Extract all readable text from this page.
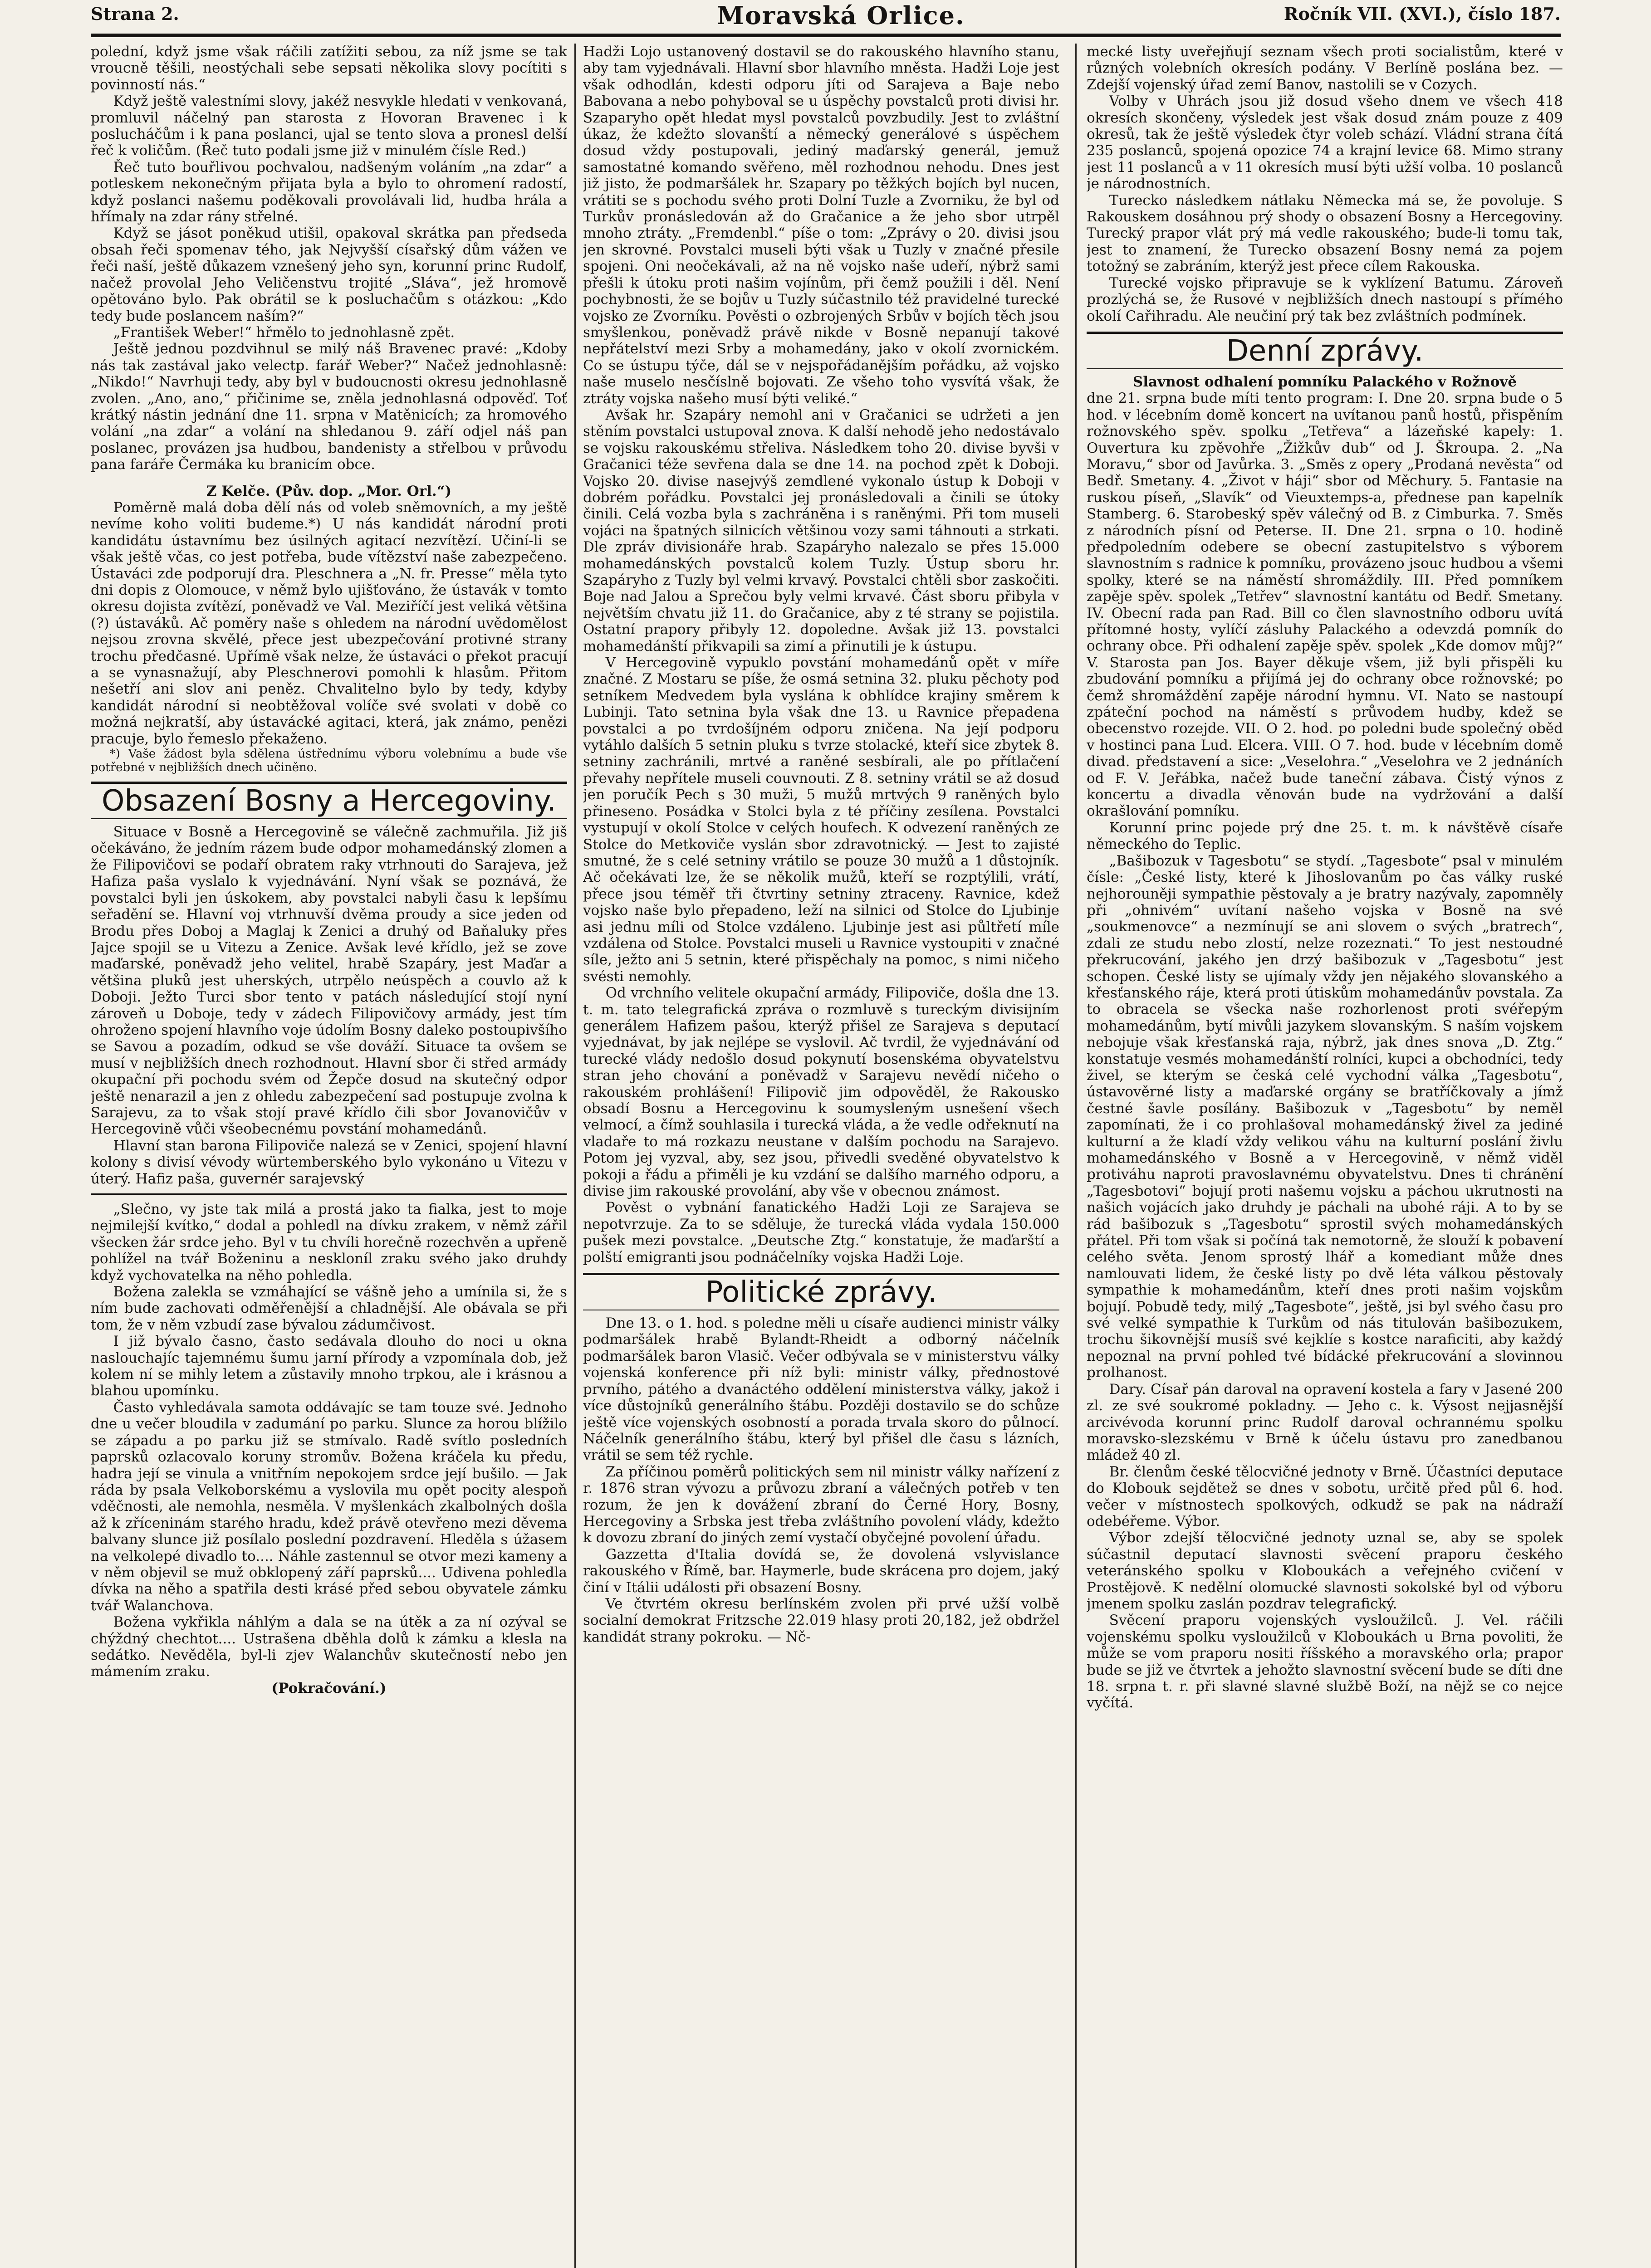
Strana 2.	Moravská Orlice.	Ročník VII. (XVI.), číslo 187.

polední, když jsme však ráčili zatížiti sebou, za níž jsme se tak vroucně těšili, neostýchali sebe sepsati několika slovy pocítiti s povinností nás.“

Když ještě valestními slovy, jakéž nesvykle hledati v venkovaná, promluvil náčelný pan starosta z Hovoran Bravenec i k poslucháčům i k pana poslanci, ujal se tento slova a pronesl delší řeč k voličům. (Řeč tuto podali jsme již v minulém čísle Red.)

Řeč tuto bouřlivou pochvalou, nadšeným voláním „na zdar“ a potleskem nekonečným přijata byla a bylo to ohromení radostí, když poslanci našemu poděkovali provolávali lid, hudba hrála a hřímaly na zdar rány střelné.

Když se jásot poněkud utišil, opakoval skrátka pan předseda obsah řeči spomenav tého, jak Nejvyšší císařský dům vážen ve řeči naší, ještě důkazem vznešený jeho syn, korunní princ Rudolf, načež provolal Jeho Veličenstvu trojité „Sláva“, jež hromově opětováno bylo. Pak obrátil se k posluchačům s otázkou: „Kdo tedy bude poslancem naším?“

„František Weber!“ hřmělo to jednohlasně zpět.

Ještě jednou pozdvihnul se milý náš Bravenec pravé: „Kdoby nás tak zastával jako velectp. farář Weber?“ Načež jednohlasně: „Nikdo!“ Navrhuji tedy, aby byl v budoucnosti okresu jednohlasně zvolen. „Ano, ano,“ přičinime se, zněla jednohlasná odpověď. Toť krátký nástin jednání dne 11. srpna v Matěnicích; za hromového volání „na zdar“ a volání na shledanou 9. září odjel náš pan poslanec, provázen jsa hudbou, bandenisty a střelbou v průvodu pana faráře Čermáka ku branicím obce.

Z Kelče. (Pův. dop. „Mor. Orl.“)

Poměrně malá doba dělí nás od voleb sněmovních, a my ještě nevíme koho voliti budeme.*) U nás kandidát národní proti kandidátu ústavnímu bez úsilných agitací nezvítězí. Učiní-li se však ještě včas, co jest potřeba, bude vítězství naše zabezpečeno. Ústaváci zde podporují dra. Pleschnera a „N. fr. Presse“ měla tyto dni dopis z Olomouce, v němž bylo ujišťováno, že ústavák v tomto okresu dojista zvítězí, poněvadž ve Val. Meziříčí jest veliká většina (?) ústaváků. Ač poměry naše s ohledem na národní uvědomělost nejsou zrovna skvělé, přece jest ubezpečování protivné strany trochu předčasné. Upřímě však nelze, že ústaváci o překot pracují a se vynasnažují, aby Pleschnerovi pomohli k hlasům. Přitom nešetří ani slov ani peněz. Chvalitelno bylo by tedy, kdyby kandidát národní si neobtěžoval volíče své svolati v době co možná nejkratší, aby ústavácké agitaci, která, jak známo, penězi pracuje, bylo řemeslo překaženo.

*) Vaše žádost byla sdělena ústřednímu výboru volebnímu a bude vše potřebné v nejbližších dnech učiněno.

Obsazení Bosny a Hercegoviny.

Situace v Bosně a Hercegovině se válečně zachmuřila. Již jiš očekáváno, že jedním rázem bude odpor mohamedánský zlomen a že Filipovičovi se podaří obratem raky vtrhnouti do Sarajeva, jež Hafiza paša vyslalo k vyjednávání. Nyní však se poznává, že povstalci byli jen úskokem, aby povstalci nabyli času k lepšímu seřadění se. Hlavní voj vtrhnuvší dvěma proudy a sice jeden od Brodu přes Doboj a Maglaj k Zenici a druhý od Baňaluky přes Jajce spojil se u Vitezu a Zenice. Avšak levé křídlo, jež se zove maďarské, poněvadž jeho velitel, hrabě Szapáry, jest Maďar a většina pluků jest uherských, utrpělo neúspěch a couvlo až k Doboji. Ježto Turci sbor tento v patách následující stojí nyní zároveň u Doboje, tedy v zádech Filipovičovy armády, jest tím ohroženo spojení hlavního voje údolím Bosny daleko postoupivšího se Savou a pozadím, odkud se vše dováží. Situace ta ovšem se musí v nejbližších dnech rozhodnout. Hlavní sbor či střed armády okupační při pochodu svém od Žepče dosud na skutečný odpor ještě nenarazil a jen z ohledu zabezpečení sad postupuje zvolna k Sarajevu, za to však stojí pravé křídlo čili sbor Jovanovičův v Hercegovině vůči všeobecnému povstání mohamedánů.

Hlavní stan barona Filipoviče nalezá se v Zenici, spojení hlavní kolony s divisí vévody würtemberského bylo vykonáno u Vitezu v úterý. Hafiz paša, guvernér sarajevský

„Slečno, vy jste tak milá a prostá jako ta fialka, jest to moje nejmilejší kvítko,“ dodal a pohledl na dívku zrakem, v němž zářil všecken žár srdce jeho. Byl v tu chvíli horečně rozechvěn a upřeně pohlížel na tvář Boženinu a neskloníl zraku svého jako druhdy když vychovatelka na něho pohledla.

Božena zalekla se vzmáhající se vášně jeho a umínila si, že s ním bude zachovati odměřenější a chladnější. Ale obávala se při tom, že v něm vzbudí zase bývalou zádumčivost.

I již bývalo časno, často sedávala dlouho do noci u okna naslouchajíc tajemnému šumu jarní přírody a vzpomínala dob, jež kolem ní se mihly letem a zůstavily mnoho trpkou, ale i krásnou a blahou upomínku.

Často vyhledávala samota oddávajíc se tam touze své. Jednoho dne u večer bloudila v zadumání po parku. Slunce za horou blížilo se západu a po parku již se stmívalo. Radě svítlo posledních paprsků ozlacovalo koruny stromův. Božena kráčela ku předu, hadra její se vinula a vnitřním nepokojem srdce její bušilo. — Jak ráda by psala Velkoborskému a vyslovila mu opět pocity alespoň vděčnosti, ale nemohla, nesměla. V myšlenkách zkalbolných došla až k zříceninám starého hradu, kdež právě otevřeno mezi děvema balvany slunce již posílalo poslední pozdravení. Hleděla s úžasem na velkolepé divadlo to.... Náhle zastennul se otvor mezi kameny a v něm objevil se muž obklopený září paprsků.... Udivena pohledla dívka na něho a spatřila desti krásé před sebou obyvatele zámku tvář Walanchova.

Božena vykřikla náhlým a dala se na útěk a za ní ozýval se chýždný chechtot.... Ustrašena dběhla dolů k zámku a klesla na sedátko. Nevěděla, byl-li zjev Walanchův skutečností nebo jen mámením zraku.

(Pokračování.)

Hadži Lojo ustanovený dostavil se do rakouského hlavního stanu, aby tam vyjednávali. Hlavní sbor hlavního mněsta. Hadži Loje jest však odhodlán, kdesti odporu jíti od Sarajeva a Baje nebo Babovana a nebo pohyboval se u úspěchy povstalců proti divisi hr. Szaparyho opět hledat mysl povstalců povzbudily. Jest to zvláštní úkaz, že kdežto slovanští a německý generálové s úspěchem dosud vždy postupovali, jediný maďarský generál, jemuž samostatné komando svěřeno, měl rozhodnou nehodu. Dnes jest již jisto, že podmaršálek hr. Szapary po těžkých bojích byl nucen, vrátiti se s pochodu svého proti Dolní Tuzle a Zvorniku, že byl od Turkův pronásledován až do Gračanice a že jeho sbor utrpěl mnoho ztráty. „Fremdenbl.“ píše o tom: „Zprávy o 20. divisi jsou jen skrovné. Povstalci museli býti však u Tuzly v značné přesile spojeni. Oni neočekávali, až na ně vojsko naše udeří, nýbrž sami přešli k útoku proti našim vojínům, při čemž použili i děl. Není pochybnosti, že se bojův u Tuzly súčastnilo též pravidelné turecké vojsko ze Zvorníku. Pověsti o ozbrojených Srbův v bojích těch jsou smyšlenkou, poněvadž právě nikde v Bosně nepanují takové nepřátelství mezi Srby a mohamedány, jako v okolí zvornickém. Co se ústupu týče, dál se v nejspořádanějším pořádku, až vojsko naše muselo nesčíslně bojovati. Ze všeho toho vysvítá však, že ztráty vojska našeho musí býti veliké.“

Avšak hr. Szapáry nemohl ani v Gračanici se udržeti a jen stěním povstalci ustupoval znova. K další nehodě jeho nedostávalo se vojsku rakouskému střeliva. Následkem toho 20. divise byvši v Gračanici téže sevřena dala se dne 14. na pochod zpět k Doboji. Vojsko 20. divise nasejvýš zemdlené vykonalo ústup k Doboji v dobrém pořádku. Povstalci jej pronásledovali a činili se útoky činili. Celá vozba byla s zachráněna i s raněnými. Při tom museli vojáci na špatných silnicích většinou vozy sami táhnouti a strkati. Dle zpráv divisionáře hrab. Szapáryho nalezalo se přes 15.000 mohamedánských povstalců kolem Tuzly. Ústup sboru hr. Szapáryho z Tuzly byl velmi krvavý. Povstalci chtěli sbor zaskočiti. Boje nad Jalou a Sprečou byly velmi krvavé. Část sboru přibyla v největším chvatu již 11. do Gračanice, aby z té strany se pojistila. Ostatní prapory přibyly 12. dopoledne. Avšak již 13. povstalci mohamedánští přikvapili sa zimí a přinutili je k ústupu.

V Hercegovině vypuklo povstání mohamedánů opět v míře značné. Z Mostaru se píše, že osmá setnina 32. pluku pěchoty pod setníkem Medvedem byla vyslána k obhlídce krajiny směrem k Lubinji. Tato setnina byla však dne 13. u Ravnice přepadena povstalci a po tvrdošíjném odporu zničena. Na její podporu vytáhlo dalších 5 setnin pluku s tvrze stolacké, kteří sice zbytek 8. setniny zachránili, mrtvé a raněné sesbírali, ale po přítlačení převahy nepřítele museli couvnouti. Z 8. setniny vrátil se až dosud jen poručík Pech s 30 muži, 5 mužů mrtvých 9 raněných bylo přineseno. Posádka v Stolci byla z té příčiny zesílena. Povstalci vystupují v okolí Stolce v celých houfech. K odvezení raněných ze Stolce do Metkoviče vyslán sbor zdravotnický. — Jest to zajisté smutné, že s celé setniny vrátilo se pouze 30 mužů a 1 důstojník. Ač očekávati lze, že se několik mužů, kteří se rozptýlili, vrátí, přece jsou téměř tři čtvrtiny setniny ztraceny. Ravnice, kdež vojsko naše bylo přepadeno, leží na silnici od Stolce do Ljubinje asi jednu míli od Stolce vzdáleno. Ljubinje jest asi půltřetí míle vzdálena od Stolce. Povstalci museli u Ravnice vystoupiti v značné síle, ježto ani 5 setnin, které přispěchaly na pomoc, s nimi ničeho svésti nemohly.

Od vrchního velitele okupační armády, Filipoviče, došla dne 13. t. m. tato telegrafická zpráva o rozmluvě s tureckým divisijním generálem Hafizem pašou, kterýž přišel ze Sarajeva s deputací vyjednávat, by jak nejlépe se vyslovil. Ač tvrdil, že vyjednávání od turecké vlády nedošlo dosud pokynutí bosenskéma obyvatelstvu stran jeho chování a poněvadž v Sarajevu nevědí ničeho o rakouském prohlášení! Filipovič jim odpověděl, že Rakousko obsadí Bosnu a Hercegovinu k soumysleným usnešení všech velmocí, a čímž souhlasila i turecká vláda, a že vedle odřeknutí na vladaře to má rozkazu neustane v dalším pochodu na Sarajevo. Potom jej vyzval, aby, sez jsou, přivedli sveděné obyvatelstvo k pokoji a řádu a přiměli je ku vzdání se dalšího marného odporu, a divise jim rakouské provolání, aby vše v obecnou známost.

Pověst o vybnání fanatického Hadži Loji ze Sarajeva se nepotvrzuje. Za to se sděluje, že turecká vláda vydala 150.000 pušek mezi povstalce. „Deutsche Ztg.“ konstatuje, že maďarští a polští emigranti jsou podnáčelníky vojska Hadži Loje.

Politické zprávy.

Dne 13. o 1. hod. s poledne měli u císaře audienci ministr války podmaršálek hrabě Bylandt-Rheidt a odborný náčelník podmaršálek baron Vlasič. Večer odbývala se v ministerstvu války vojenská konference při níž byli: ministr války, přednostové prvního, pátého a dvanáctého oddělení ministerstva války, jakož i více důstojníků generálního štábu. Později dostavilo se do schůze ještě více vojenských osobností a porada trvala skoro do půlnocí. Náčelník generálního štábu, který byl přišel dle času s lázních, vrátil se sem též rychle.

Za příčinou poměrů politických sem nil ministr války nařízení z r. 1876 stran vývozu a průvozu zbraní a válečných potřeb v ten rozum, že jen k dovážení zbraní do Černé Hory, Bosny, Hercegoviny a Srbska jest třeba zvláštního povolení vlády, kdežto k dovozu zbraní do jiných zemí vystačí obyčejné povolení úřadu.

Gazzetta d'Italia dovídá se, že dovolená vslyvislance rakouského v Římě, bar. Haymerle, bude skrácena pro dojem, jaký činí v Itálii události při obsazení Bosny.

Ve čtvrtém okresu berlínském zvolen při prvé užší volbě socialní demokrat Fritzsche 22.019 hlasy proti 20,182, jež obdržel kandidát strany pokroku. — Nč-

mecké listy uveřejňují seznam všech proti socialistům, které v různých volebních okresích podány. V Berlíně poslána bez. — Zdejší vojenský úřad zemí Banov, nastolili se v Cozych.

Volby v Uhrách jsou již dosud všeho dnem ve všech 418 okresích skončeny, výsledek jest však dosud znám pouze z 409 okresů, tak že ještě výsledek čtyr voleb schází. Vládní strana čítá 235 poslanců, spojená opozice 74 a krajní levice 68. Mimo strany jest 11 poslanců a v 11 okresích musí býti užší volba. 10 poslanců je národnostních.

Turecko následkem nátlaku Německa má se, že povoluje. S Rakouskem dosáhnou prý shody o obsazení Bosny a Hercegoviny. Turecký prapor vlát prý má vedle rakouského; bude-li tomu tak, jest to znamení, že Turecko obsazení Bosny nemá za pojem totožný se zabráním, kterýž jest přece cílem Rakouska.

Turecké vojsko připravuje se k vyklízení Batumu. Zároveň prozlýchá se, že Rusové v nejbližších dnech nastoupí s přímého okolí Cařihradu. Ale neučiní prý tak bez zvláštních podmínek.

Denní zprávy.

Slavnost odhalení pomníku Palackého v Rožnově

dne 21. srpna bude míti tento program: I. Dne 20. srpna bude o 5 hod. v lécebním domě koncert na uvítanou panů hostů, přispěním rožnovského spěv. spolku „Tetřeva“ a lázeňské kapely: 1. Ouvertura ku zpěvohře „Žižkův dub“ od J. Škroupa. 2. „Na Moravu,“ sbor od Javůrka. 3. „Směs z opery „Prodaná nevěsta“ od Bedř. Smetany. 4. „Život v háji“ sbor od Měchury. 5. Fantasie na ruskou píseň, „Slavík“ od Vieuxtemps-a, přednese pan kapelník Stamberg. 6. Starobeský spěv válečný od B. z Cimburka. 7. Směs z národních písní od Peterse. II. Dne 21. srpna o 10. hodině předpoledním odebere se obecní zastupitelstvo s výborem slavnostním s radnice k pomníku, provázeno jsouc hudbou a všemi spolky, které se na náměstí shromáždily. III. Před pomníkem zapěje spěv. spolek „Tetřev“ slavnostní kantátu od Bedř. Smetany. IV. Obecní rada pan Rad. Bill co člen slavnostního odboru uvítá přítomné hosty, vylíčí zásluhy Palackého a odevzdá pomník do ochrany obce. Při odhalení zapěje spěv. spolek „Kde domov můj?“ V. Starosta pan Jos. Bayer děkuje všem, již byli přispěli ku zbudování pomníku a přijímá jej do ochrany obce rožnovské; po čemž shromáždění zapěje národní hymnu. VI. Nato se nastoupí zpáteční pochod na náměstí s průvodem hudby, kdež se obecenstvo rozejde. VII. O 2. hod. po poledni bude společný oběd v hostinci pana Lud. Elcera. VIII. O 7. hod. bude v lécebním domě divad. představení a sice: „Veselohra.“ „Veselohra ve 2 jednáních od F. V. Jeřábka, načež bude taneční zábava. Čistý výnos z koncertu a divadla věnován bude na vydržování a další okrašlování pomníku.

Korunní princ pojede prý dne 25. t. m. k návštěvě císaře německého do Teplic.

„Bašibozuk v Tagesbotu“ se stydí. „Tagesbote“ psal v minulém čísle: „České listy, které k Jihoslovanům po čas války ruské nejhorouněji sympathie pěstovaly a je bratry nazývaly, zapomněly při „ohnivém“ uvítaní našeho vojska v Bosně na své „soukmenovce“ a nezmínují se ani slovem o svých „bratrech“, zdali ze studu nebo zlostí, nelze rozeznati.“ To jest nestoudné překrucování, jakého jen drzý bašibozuk v „Tagesbotu“ jest schopen. České listy se ujímaly vždy jen nějakého slovanského a křesťanského ráje, která proti útiskům mohamedánův povstala. Za to obracela se všecka naše rozhorlenost proti svéřepým mohamedánům, bytí mivůli jazykem slovanským. S naším vojskem nebojuje však křesťanská raja, nýbrž, jak dnes snova „D. Ztg.“ konstatuje vesmés mohamedánští rolníci, kupci a obchodníci, tedy živel, se kterým se česká celé vychodní válka „Tagesbotu“, ústavověrné listy a maďarské orgány se bratříčkovaly a jímž čestné šavle posílány. Bašibozuk v „Tagesbotu“ by neměl zapomínati, že i co prohlašoval mohamedánský živel za jediné kulturní a že kladí vždy velikou váhu na kulturní poslání živlu mohamedánského v Bosně a v Hercegovině, v němž viděl protiváhu naproti pravoslavnému obyvatelstvu. Dnes ti chránění „Tagesbotovi“ bojují proti našemu vojsku a páchou ukrutnosti na našich vojácích jako druhdy je páchali na ubohé ráji. A to by se rád bašibozuk s „Tagesbotu“ sprostil svých mohamedánských přátel. Při tom však si počíná tak nemotorně, že slouží k pobavení celého světa. Jenom sprostý lhář a komediant může dnes namlouvati lidem, že české listy po dvě léta válkou pěstovaly sympathie k mohamedánům, kteří dnes proti našim vojskům bojují. Pobudě tedy, milý „Tagesbote“, ještě, jsi byl svého času pro své velké sympathie k Turkům od nás titulován bašibozukem, trochu šikovnější musíš své kejklíe s kostce naraficiti, aby každý nepoznal na první pohled tvé bídácké překrucování a slovinnou prolhanost.

Dary. Císař pán daroval na opravení kostela a fary v Jasené 200 zl. ze své soukromé pokladny. — Jeho c. k. Výsost nejjasnější arcivévoda korunní princ Rudolf daroval ochrannému spolku moravsko-slezskému v Brně k účelu ústavu pro zanedbanou mládež 40 zl.

Br. členům české tělocvičné jednoty v Brně. Účastníci deputace do Klobouk sejdětež se dnes v sobotu, určitě před půl 6. hod. večer v místnostech spolkových, odkudž se pak na nádraží odebéřeme. Výbor.

Výbor zdejší tělocvičné jednoty uznal se, aby se spolek súčastnil deputací slavnosti svěcení praporu českého veteránského spolku v Kloboukách a veřejného cvičení v Prostějově. K nedělní olomucké slavnosti sokolské byl od výboru jmenem spolku zaslán pozdrav telegrafický.

Svěcení praporu vojenských vysloužilců. J. Vel. ráčili vojenskému spolku vysloužilců v Kloboukách u Brna povoliti, že může se vom praporu nositi říšského a moravského orla; prapor bude se již ve čtvrtek a jehožto slavnostní svěcení bude se díti dne 18. srpna t. r. při slavné slavné službě Boží, na nějž se co nejce vyčítá.
